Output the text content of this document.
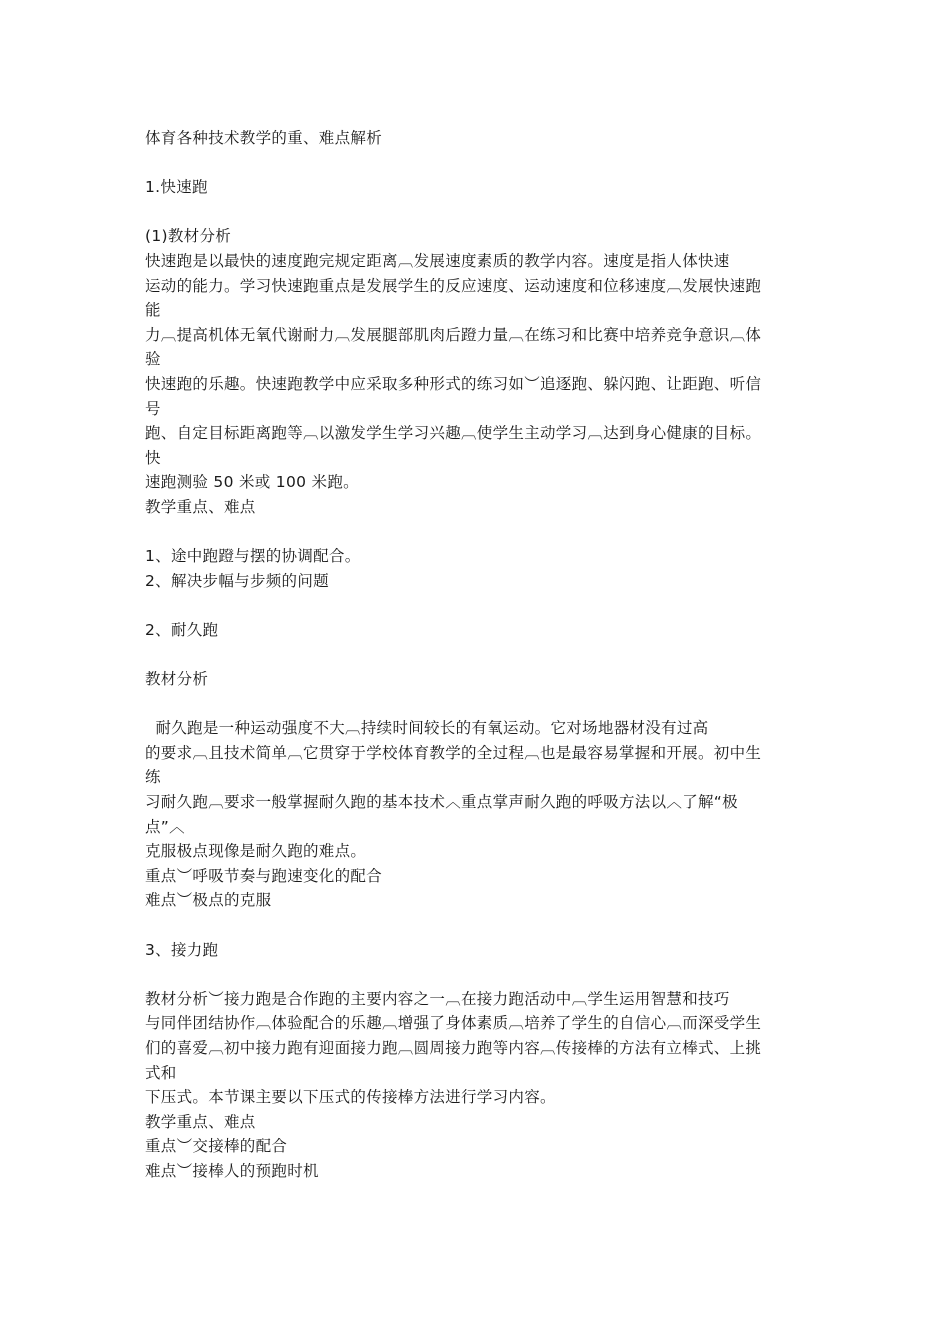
体育各种技术教学的重、难点解析
1.快速跑
(1)教材分析
快速跑是以最快的速度跑完规定距离︹发展速度素质的教学内容。速度是指人体快速
运动的能力。学习快速跑重点是发展学生的反应速度、运动速度和位移速度︹发展快速跑
能
力︹提高机体无氧代谢耐力︹发展腿部肌肉后蹬力量︹在练习和比赛中培养竞争意识︹体
验
快速跑的乐趣。快速跑教学中应采取多种形式的练习如︶追逐跑、躲闪跑、让距跑、听信
号
跑、自定目标距离跑等︹以激发学生学习兴趣︹使学生主动学习︹达到身心健康的目标。
快
速跑测验 50 米或 100 米跑。
教学重点、难点
1、途中跑蹬与摆的协调配合。
2、解决步幅与步频的问题
2、耐久跑
教材分析
耐久跑是一种运动强度不大︹持续时间较长的有氧运动。它对场地器材没有过高
的要求︹且技术简单︹它贯穿于学校体育教学的全过程︹也是最容易掌握和开展。初中生
练
习耐久跑︹要求一般掌握耐久跑的基本技术︿重点掌声耐久跑的呼吸方法以︿了解“极
点”︿
克服极点现像是耐久跑的难点。
重点︶呼吸节奏与跑速变化的配合
难点︶极点的克服
3、接力跑
教材分析︶接力跑是合作跑的主要内容之一︹在接力跑活动中︹学生运用智慧和技巧
与同伴团结协作︹体验配合的乐趣︹增强了身体素质︹培养了学生的自信心︹而深受学生
们的喜爱︹初中接力跑有迎面接力跑︹圆周接力跑等内容︹传接棒的方法有立棒式、上挑
式和
下压式。本节课主要以下压式的传接棒方法进行学习内容。
教学重点、难点
重点︶交接棒的配合
难点︶接棒人的预跑时机
